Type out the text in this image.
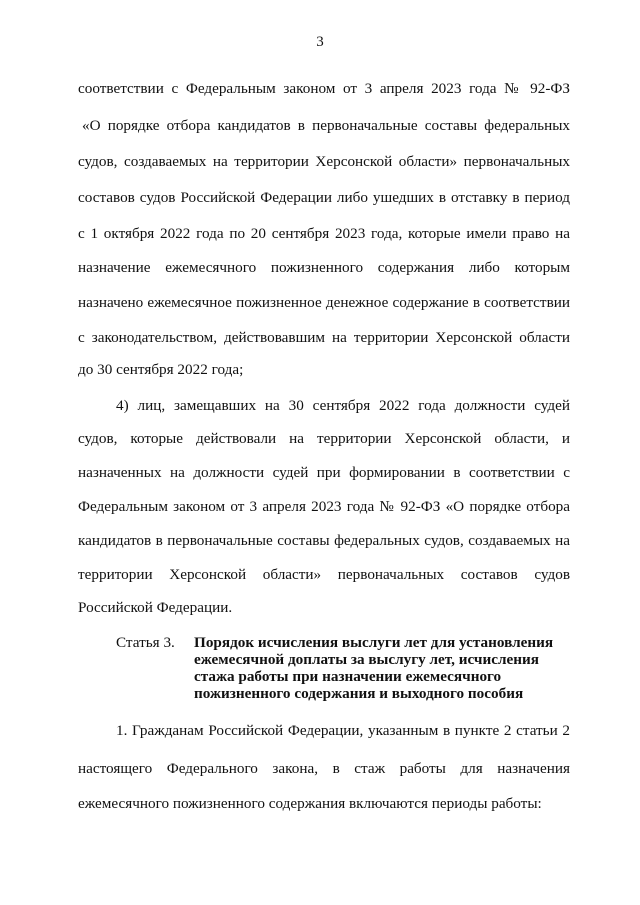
3
соответствии с Федеральным законом от 3 апреля 2023 года № 92-ФЗ
«О порядке отбора кандидатов в первоначальные составы федеральных
судов, создаваемых на территории Херсонской области» первоначальных
составов судов Российской Федерации либо ушедших в отставку в период
с 1 октября 2022 года по 20 сентября 2023 года, которые имели право на
назначение ежемесячного пожизненного содержания либо которым
назначено ежемесячное пожизненное денежное содержание в соответствии
с законодательством, действовавшим на территории Херсонской области
до 30 сентября 2022 года;
4) лиц, замещавших на 30 сентября 2022 года должности судей
судов, которые действовали на территории Херсонской области, и
назначенных на должности судей при формировании в соответствии с
Федеральным законом от 3 апреля 2023 года № 92-ФЗ «О порядке отбора
кандидатов в первоначальные составы федеральных судов, создаваемых на
территории Херсонской области» первоначальных составов судов
Российской Федерации.
Статья 3. Порядок исчисления выслуги лет для установления
ежемесячной доплаты за выслугу лет, исчисления
стажа работы при назначении ежемесячного
пожизненного содержания и выходного пособия
1. Гражданам Российской Федерации, указанным в пункте 2 статьи 2
настоящего Федерального закона, в стаж работы для назначения
ежемесячного пожизненного содержания включаются периоды работы:
